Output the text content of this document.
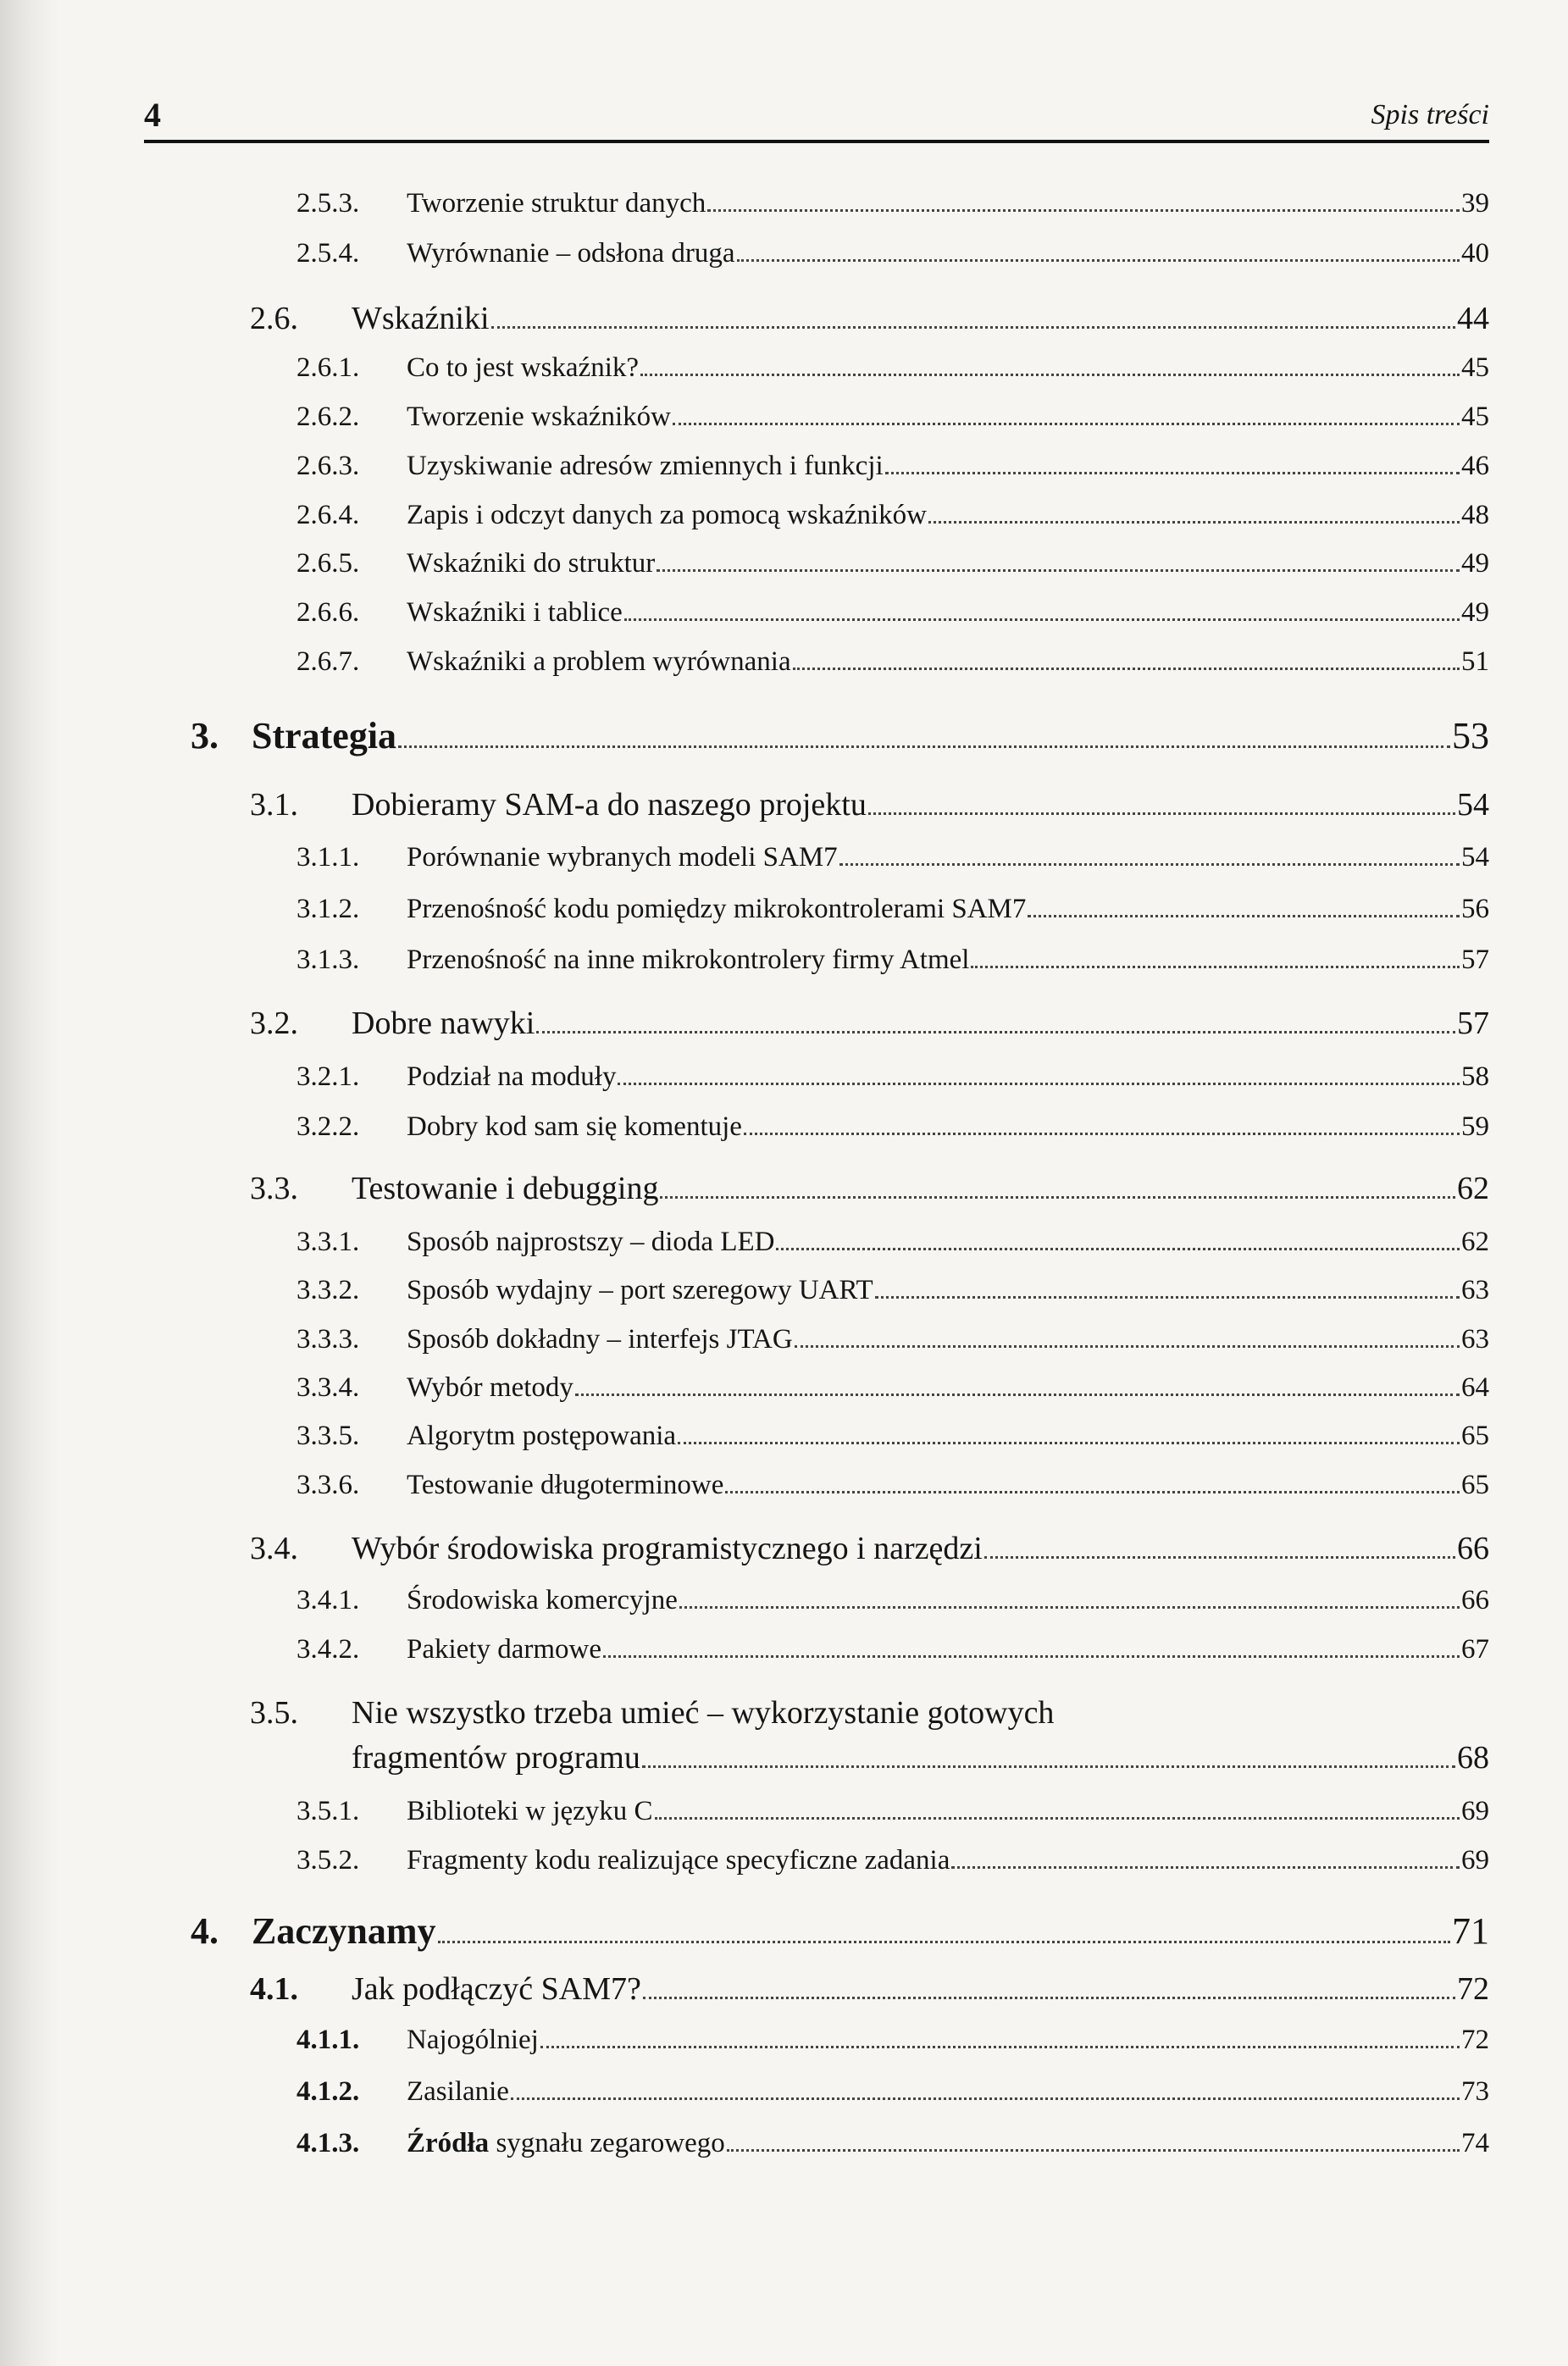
4	Spis treści
2.5.3.	Tworzenie struktur danych	39
2.5.4.	Wyrównanie – odsłona druga	40
2.6.	Wskaźniki	44
2.6.1.	Co to jest wskaźnik?	45
2.6.2.	Tworzenie wskaźników	45
2.6.3.	Uzyskiwanie adresów zmiennych i funkcji	46
2.6.4.	Zapis i odczyt danych za pomocą wskaźników	48
2.6.5.	Wskaźniki do struktur	49
2.6.6.	Wskaźniki i tablice	49
2.6.7.	Wskaźniki a problem wyrównania	51
3. Strategia	53
3.1.	Dobieramy SAM-a do naszego projektu	54
3.1.1.	Porównanie wybranych modeli SAM7	54
3.1.2.	Przenośność kodu pomiędzy mikrokontrolerami SAM7	56
3.1.3.	Przenośność na inne mikrokontrolery firmy Atmel	57
3.2.	Dobre nawyki	57
3.2.1.	Podział na moduły	58
3.2.2.	Dobry kod sam się komentuje	59
3.3.	Testowanie i debugging	62
3.3.1.	Sposób najprostszy – dioda LED	62
3.3.2.	Sposób wydajny – port szeregowy UART	63
3.3.3.	Sposób dokładny – interfejs JTAG	63
3.3.4.	Wybór metody	64
3.3.5.	Algorytm postępowania	65
3.3.6.	Testowanie długoterminowe	65
3.4.	Wybór środowiska programistycznego i narzędzi	66
3.4.1.	Środowiska komercyjne	66
3.4.2.	Pakiety darmowe	67
3.5. Nie wszystko trzeba umieć – wykorzystanie gotowych
fragmentów programu	68
3.5.1.	Biblioteki w języku C	69
3.5.2.	Fragmenty kodu realizujące specyficzne zadania	69
4. Zaczynamy	71
4.1.	Jak podłączyć SAM7?	72
4.1.1.	Najogólniej	72
4.1.2.	Zasilanie	73
4.1.3.	Źródła sygnału zegarowego	74
